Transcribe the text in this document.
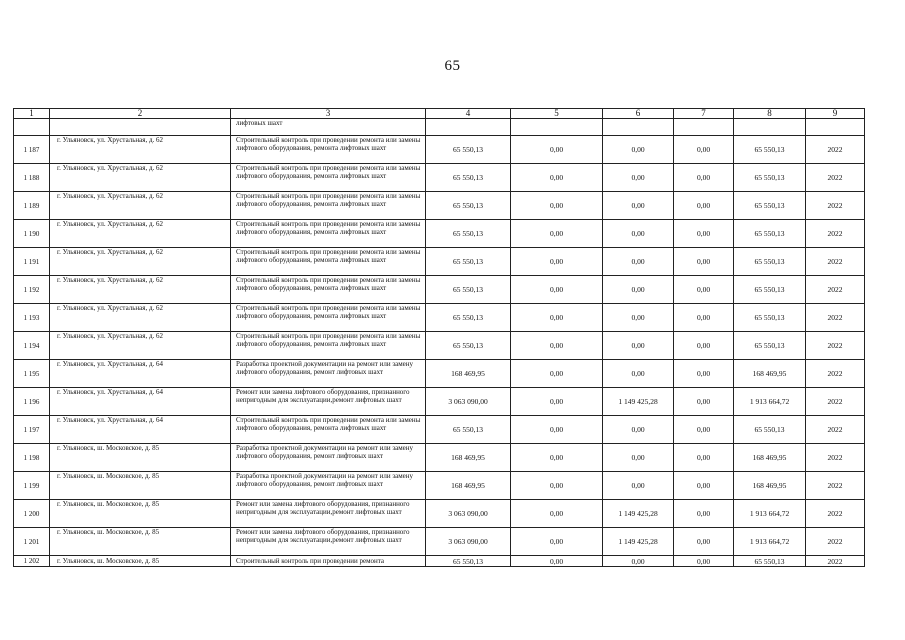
65
1	2	3	4	5	6	7	8	9
		лифтовых шахт						
1 187	г. Ульяновск, ул. Хрустальная, д. 62	Строительный контроль при проведении ремонта или замены лифтового оборудования, ремонта лифтовых шахт	65 550,13	0,00	0,00	0,00	65 550,13	2022
1 188	г. Ульяновск, ул. Хрустальная, д. 62	Строительный контроль при проведении ремонта или замены лифтового оборудования, ремонта лифтовых шахт	65 550,13	0,00	0,00	0,00	65 550,13	2022
1 189	г. Ульяновск, ул. Хрустальная, д. 62	Строительный контроль при проведении ремонта или замены лифтового оборудования, ремонта лифтовых шахт	65 550,13	0,00	0,00	0,00	65 550,13	2022
1 190	г. Ульяновск, ул. Хрустальная, д. 62	Строительный контроль при проведении ремонта или замены лифтового оборудования, ремонта лифтовых шахт	65 550,13	0,00	0,00	0,00	65 550,13	2022
1 191	г. Ульяновск, ул. Хрустальная, д. 62	Строительный контроль при проведении ремонта или замены лифтового оборудования, ремонта лифтовых шахт	65 550,13	0,00	0,00	0,00	65 550,13	2022
1 192	г. Ульяновск, ул. Хрустальная, д. 62	Строительный контроль при проведении ремонта или замены лифтового оборудования, ремонта лифтовых шахт	65 550,13	0,00	0,00	0,00	65 550,13	2022
1 193	г. Ульяновск, ул. Хрустальная, д. 62	Строительный контроль при проведении ремонта или замены лифтового оборудования, ремонта лифтовых шахт	65 550,13	0,00	0,00	0,00	65 550,13	2022
1 194	г. Ульяновск, ул. Хрустальная, д. 62	Строительный контроль при проведении ремонта или замены лифтового оборудования, ремонта лифтовых шахт	65 550,13	0,00	0,00	0,00	65 550,13	2022
1 195	г. Ульяновск, ул. Хрустальная, д. 64	Разработка проектной документации на ремонт или замену лифтового оборудования, ремонт лифтовых шахт	168 469,95	0,00	0,00	0,00	168 469,95	2022
1 196	г. Ульяновск, ул. Хрустальная, д. 64	Ремонт или замена лифтового оборудования, признанного непригодным для эксплуатации,ремонт лифтовых шахт	3 063 090,00	0,00	1 149 425,28	0,00	1 913 664,72	2022
1 197	г. Ульяновск, ул. Хрустальная, д. 64	Строительный контроль при проведении ремонта или замены лифтового оборудования, ремонта лифтовых шахт	65 550,13	0,00	0,00	0,00	65 550,13	2022
1 198	г. Ульяновск, ш. Московское, д. 85	Разработка проектной документации на ремонт или замену лифтового оборудования, ремонт лифтовых шахт	168 469,95	0,00	0,00	0,00	168 469,95	2022
1 199	г. Ульяновск, ш. Московское, д. 85	Разработка проектной документации на ремонт или замену лифтового оборудования, ремонт лифтовых шахт	168 469,95	0,00	0,00	0,00	168 469,95	2022
1 200	г. Ульяновск, ш. Московское, д. 85	Ремонт или замена лифтового оборудования, признанного непригодным для эксплуатации,ремонт лифтовых шахт	3 063 090,00	0,00	1 149 425,28	0,00	1 913 664,72	2022
1 201	г. Ульяновск, ш. Московское, д. 85	Ремонт или замена лифтового оборудования, признанного непригодным для эксплуатации,ремонт лифтовых шахт	3 063 090,00	0,00	1 149 425,28	0,00	1 913 664,72	2022
1 202	г. Ульяновск, ш. Московское, д. 85	Строительный контроль при проведении ремонта	65 550,13	0,00	0,00	0,00	65 550,13	2022
